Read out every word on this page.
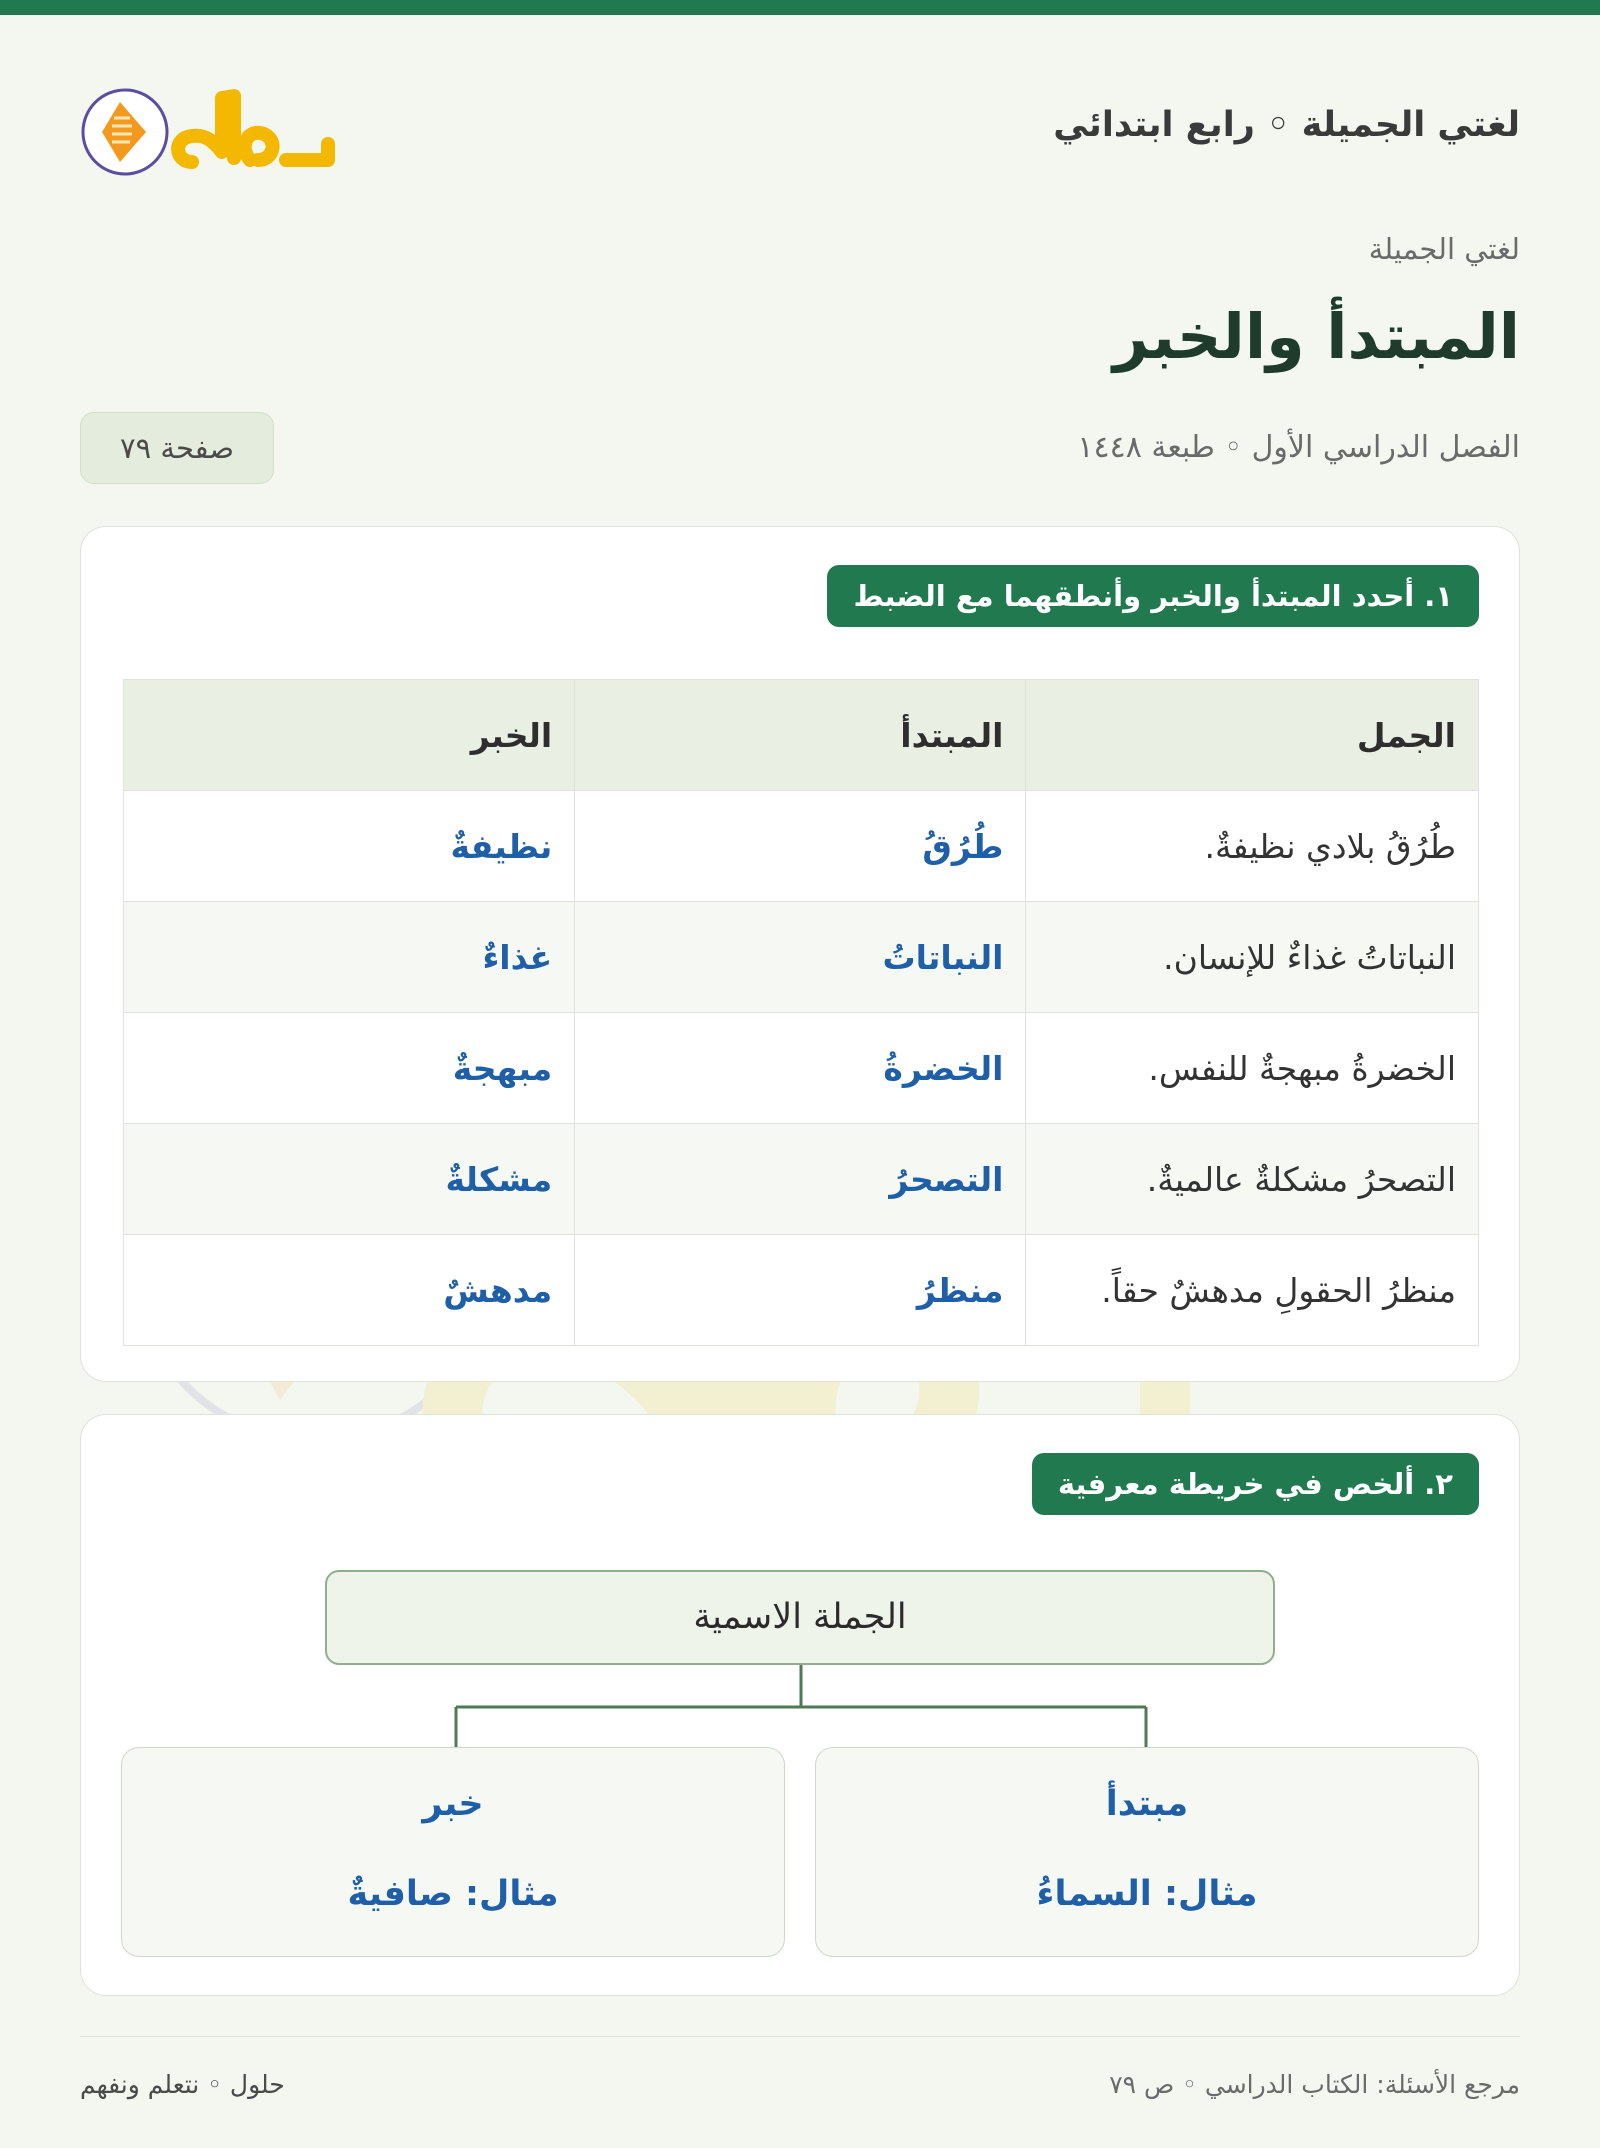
لغتي الجميلة ◦ رابع ابتدائي
لغتي الجميلة
المبتدأ والخبر
الفصل الدراسي الأول ◦ طبعة ١٤٤٨
صفحة ٧٩
١. أحدد المبتدأ والخبر وأنطقهما مع الضبط
الجمل	المبتدأ	الخبر
طُرُقُ بلادي نظيفةٌ.	طُرُقُ	نظيفةٌ
النباتاتُ غذاءٌ للإنسان.	النباتاتُ	غذاءٌ
الخضرةُ مبهجةٌ للنفس.	الخضرةُ	مبهجةٌ
التصحرُ مشكلةٌ عالميةٌ.	التصحرُ	مشكلةٌ
منظرُ الحقولِ مدهشٌ حقاً.	منظرُ	مدهشٌ
٢. ألخص في خريطة معرفية
الجملة الاسمية
مبتدأ
مثال: السماءُ
خبر
مثال: صافيةٌ
مرجع الأسئلة: الكتاب الدراسي ◦ ص ٧٩
حلول ◦ نتعلم ونفهم
